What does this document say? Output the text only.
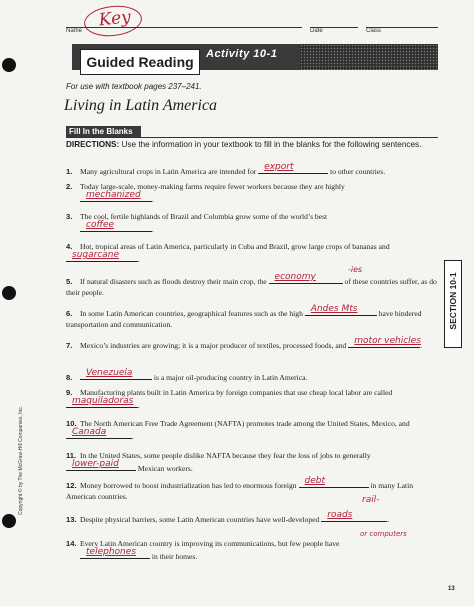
Key
Name	Date	Class
Guided Reading	Activity 10-1
For use with textbook pages 237–241.
Living in Latin America
Fill In the Blanks
DIRECTIONS: Use the information in your textbook to fill in the blanks for the following sentences.
1. Many agricultural crops in Latin America are intended for export	to other countries.
2. Today large-scale, money-making farms require fewer workers because they are highly

mechanized .
3. The cool, fertile highlands of Brazil and Columbia grow some of the world’s best

coffee	.
4. Hot, tropical areas of Latin America, particularly in Cuba and Brazil, grow large crops of bananas and
sugarcane .
5. If natural disasters such as floods destroy their main crop, the economy	of these countries suffer, as do their people.
-ies
6. In some Latin American countries, geographical features such as the high Andes Mts	have hindered transportation and communication.
7. Mexico’s industries are growing; it is a major producer of textiles, processed foods, and motor vehicles .
8. Venezuela	is a major oil-producing country in Latin America.
9. Manufacturing plants built in Latin America by foreign companies that use cheap local labor are called
maquiladoras .
10. The North American Free Trade Agreement (NAFTA) promotes trade among the United States, Mexico, and
Canada	.
11. In the United States, some people dislike NAFTA because they fear the loss of jobs to generally
lower-paid	Mexican workers.
12. Money borrowed to boost industrialization has led to enormous foreign debt	in many Latin American countries.
13. Despite physical barriers, some Latin American countries have well-developed roads	.
rail-
or computers
14. Every Latin American country is improving its communications, but few people have

telephones in their homes.
SECTION 10-1
Copyright © by The McGraw-Hill Companies, Inc.
13
